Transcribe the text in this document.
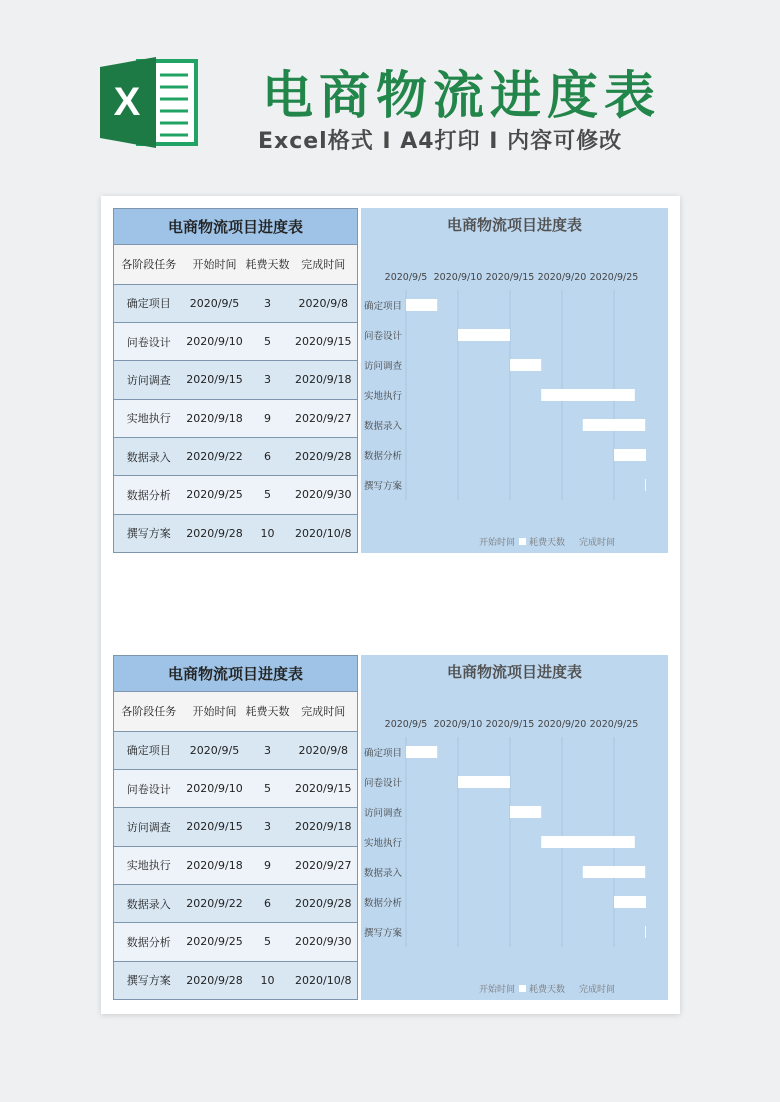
X 电商物流进度表
Excel格式 I A4打印 I 内容可修改
电商物流项目进度表			
各阶段任务	开始时间	耗费天数	完成时间
确定项目	2020/9/5	3	2020/9/8
问卷设计	2020/9/10	5	2020/9/15
访问调查	2020/9/15	3	2020/9/18
实地执行	2020/9/18	9	2020/9/27
数据录入	2020/9/22	6	2020/9/28
数据分析	2020/9/25	5	2020/9/30
撰写方案	2020/9/28	10	2020/10/8
电商物流项目进度表
2020/9/5 2020/9/10 2020/9/15 2020/9/20 2020/9/25
确定项目
问卷设计
访问调查
实地执行
数据录入
数据分析
撰写方案
开始时间 耗费天数 完成时间
电商物流项目进度表			
各阶段任务	开始时间	耗费天数	完成时间
确定项目	2020/9/5	3	2020/9/8
问卷设计	2020/9/10	5	2020/9/15
访问调查	2020/9/15	3	2020/9/18
实地执行	2020/9/18	9	2020/9/27
数据录入	2020/9/22	6	2020/9/28
数据分析	2020/9/25	5	2020/9/30
撰写方案	2020/9/28	10	2020/10/8
电商物流项目进度表
2020/9/5 2020/9/10 2020/9/15 2020/9/20 2020/9/25
确定项目
问卷设计
访问调查
实地执行
数据录入
数据分析
撰写方案
开始时间 耗费天数 完成时间
